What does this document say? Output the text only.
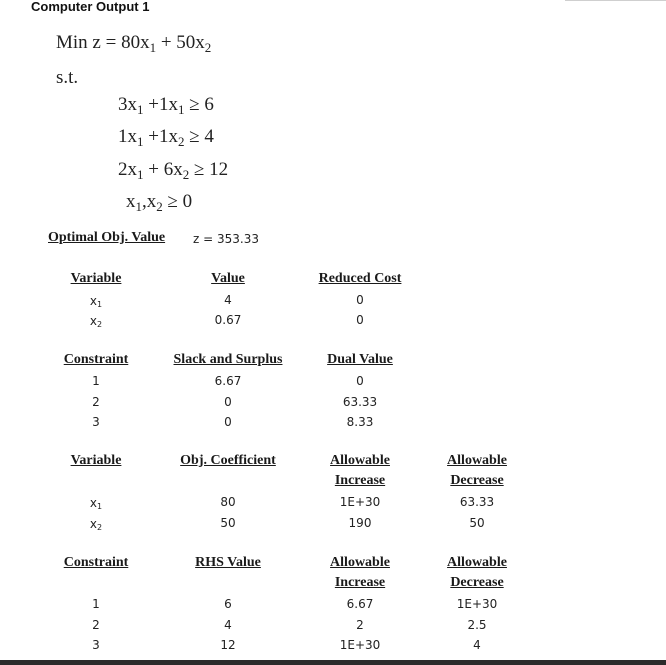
Computer Output 1
Min $z = 80x_1 + 50x_2$
s.t.
$3x_1 +1x_1 \ge 6$
$1x_1 +1x_2 \ge 4$
$2x_1 + 6x_2 \ge 12$
$x_1,x_2 \ge 0$
Optimal Obj. Value z = 353.33
Variable	Value	Reduced Cost
$x_1$	4	0
$x_2$	0.67	0
Constraint	Slack and Surplus	Dual Value
1	6.67	0
2	0	63.33
3	0	8.33
Variable	Obj. Coefficient	Allowable	Allowable
Increase	Decrease
$x_1$	80	1E+30	63.33
$x_2$	50	190	50
Constraint	RHS Value	Allowable	Allowable
Increase	Decrease
1	6	6.67	1E+30
2	4	2	2.5
3	12	1E+30	4
